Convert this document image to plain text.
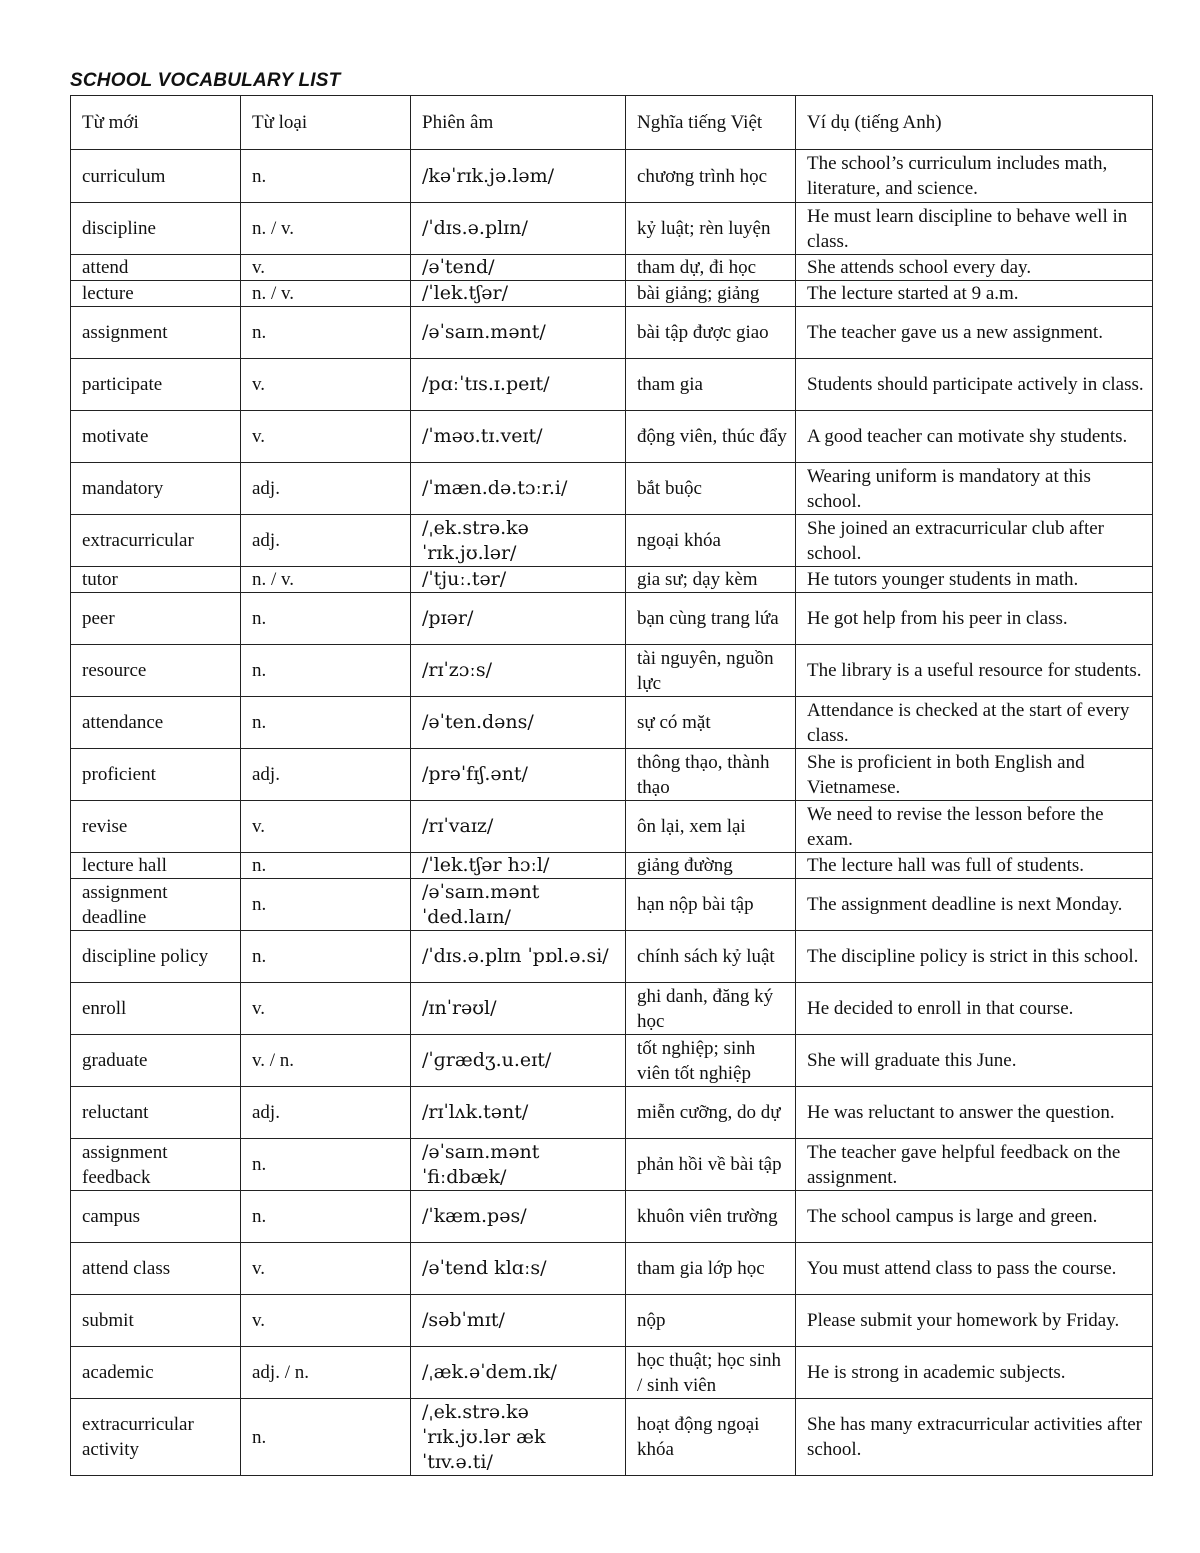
SCHOOL VOCABULARY LIST
Từ mới	Từ loại	Phiên âm	Nghĩa tiếng Việt	Ví dụ (tiếng Anh)
curriculum	n.	/kəˈrɪk.jə.ləm/	chương trình học	The school’s curriculum includes math, literature, and science.
discipline	n. / v.	/ˈdɪs.ə.plɪn/	kỷ luật; rèn luyện	He must learn discipline to behave well in class.
attend	v.	/əˈtend/	tham dự, đi học	She attends school every day.
lecture	n. / v.	/ˈlek.tʃər/	bài giảng; giảng	The lecture started at 9 a.m.
assignment	n.	/əˈsaɪn.mənt/	bài tập được giao	The teacher gave us a new assignment.
participate	v.	/pɑːˈtɪs.ɪ.peɪt/	tham gia	Students should participate actively in class.
motivate	v.	/ˈməʊ.tɪ.veɪt/	động viên, thúc đẩy	A good teacher can motivate shy students.
mandatory	adj.	/ˈmæn.də.tɔːr.i/	bắt buộc	Wearing uniform is mandatory at this school.
extracurricular	adj.	/ˌek.strə.kə ˈrɪk.jʊ.lər/	ngoại khóa	She joined an extracurricular club after school.
tutor	n. / v.	/ˈtjuː.tər/	gia sư; dạy kèm	He tutors younger students in math.
peer	n.	/pɪər/	bạn cùng trang lứa	He got help from his peer in class.
resource	n.	/rɪˈzɔːs/	tài nguyên, nguồn lực	The library is a useful resource for students.
attendance	n.	/əˈten.dəns/	sự có mặt	Attendance is checked at the start of every class.
proficient	adj.	/prəˈfɪʃ.ənt/	thông thạo, thành thạo	She is proficient in both English and Vietnamese.
revise	v.	/rɪˈvaɪz/	ôn lại, xem lại	We need to revise the lesson before the exam.
lecture hall	n.	/ˈlek.tʃər hɔːl/	giảng đường	The lecture hall was full of students.
assignment deadline	n.	/əˈsaɪn.mənt ˈded.laɪn/	hạn nộp bài tập	The assignment deadline is next Monday.
discipline policy	n.	/ˈdɪs.ə.plɪn ˈpɒl.ə.si/	chính sách kỷ luật	The discipline policy is strict in this school.
enroll	v.	/ɪnˈrəʊl/	ghi danh, đăng ký học	He decided to enroll in that course.
graduate	v. / n.	/ˈɡrædʒ.u.eɪt/	tốt nghiệp; sinh viên tốt nghiệp	She will graduate this June.
reluctant	adj.	/rɪˈlʌk.tənt/	miễn cưỡng, do dự	He was reluctant to answer the question.
assignment feedback	n.	/əˈsaɪn.mənt ˈfiːdbæk/	phản hồi về bài tập	The teacher gave helpful feedback on the assignment.
campus	n.	/ˈkæm.pəs/	khuôn viên trường	The school campus is large and green.
attend class	v.	/əˈtend klɑːs/	tham gia lớp học	You must attend class to pass the course.
submit	v.	/səbˈmɪt/	nộp	Please submit your homework by Friday.
academic	adj. / n.	/ˌæk.əˈdem.ɪk/	học thuật; học sinh / sinh viên	He is strong in academic subjects.
extracurricular activity	n.	/ˌek.strə.kə ˈrɪk.jʊ.lər æk ˈtɪv.ə.ti/	hoạt động ngoại khóa	She has many extracurricular activities after school.
